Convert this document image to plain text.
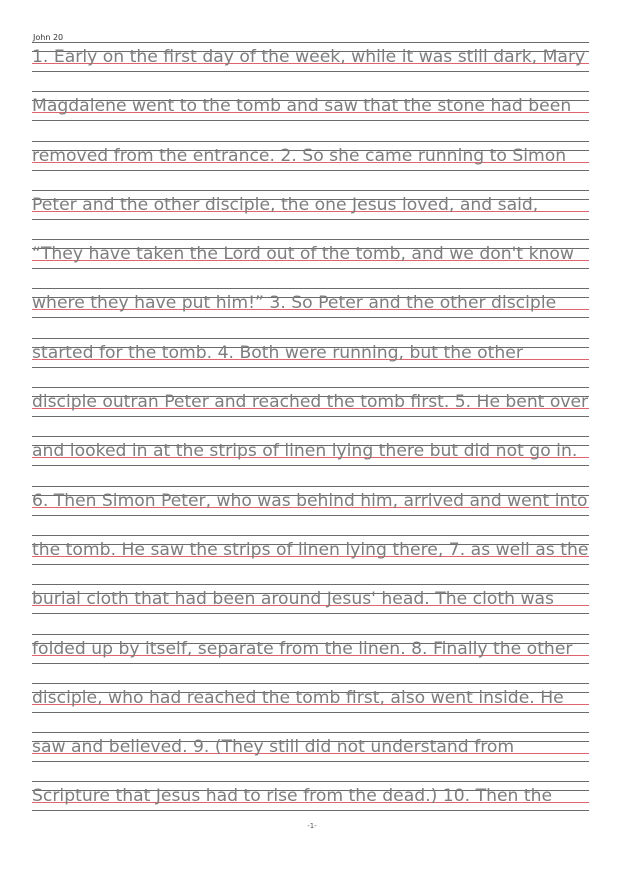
John 20
1. Early on the first day of the week, while it was still dark, Mary
Magdalene went to the tomb and saw that the stone had been
removed from the entrance. 2. So she came running to Simon
Peter and the other disciple, the one Jesus loved, and said,
“They have taken the Lord out of the tomb, and we don't know
where they have put him!” 3. So Peter and the other disciple
started for the tomb. 4. Both were running, but the other
disciple outran Peter and reached the tomb first. 5. He bent over
and looked in at the strips of linen lying there but did not go in.
6. Then Simon Peter, who was behind him, arrived and went into
the tomb. He saw the strips of linen lying there, 7. as well as the
burial cloth that had been around Jesus' head. The cloth was
folded up by itself, separate from the linen. 8. Finally the other
disciple, who had reached the tomb first, also went inside. He
saw and believed. 9. (They still did not understand from
Scripture that Jesus had to rise from the dead.) 10. Then the
-1-
